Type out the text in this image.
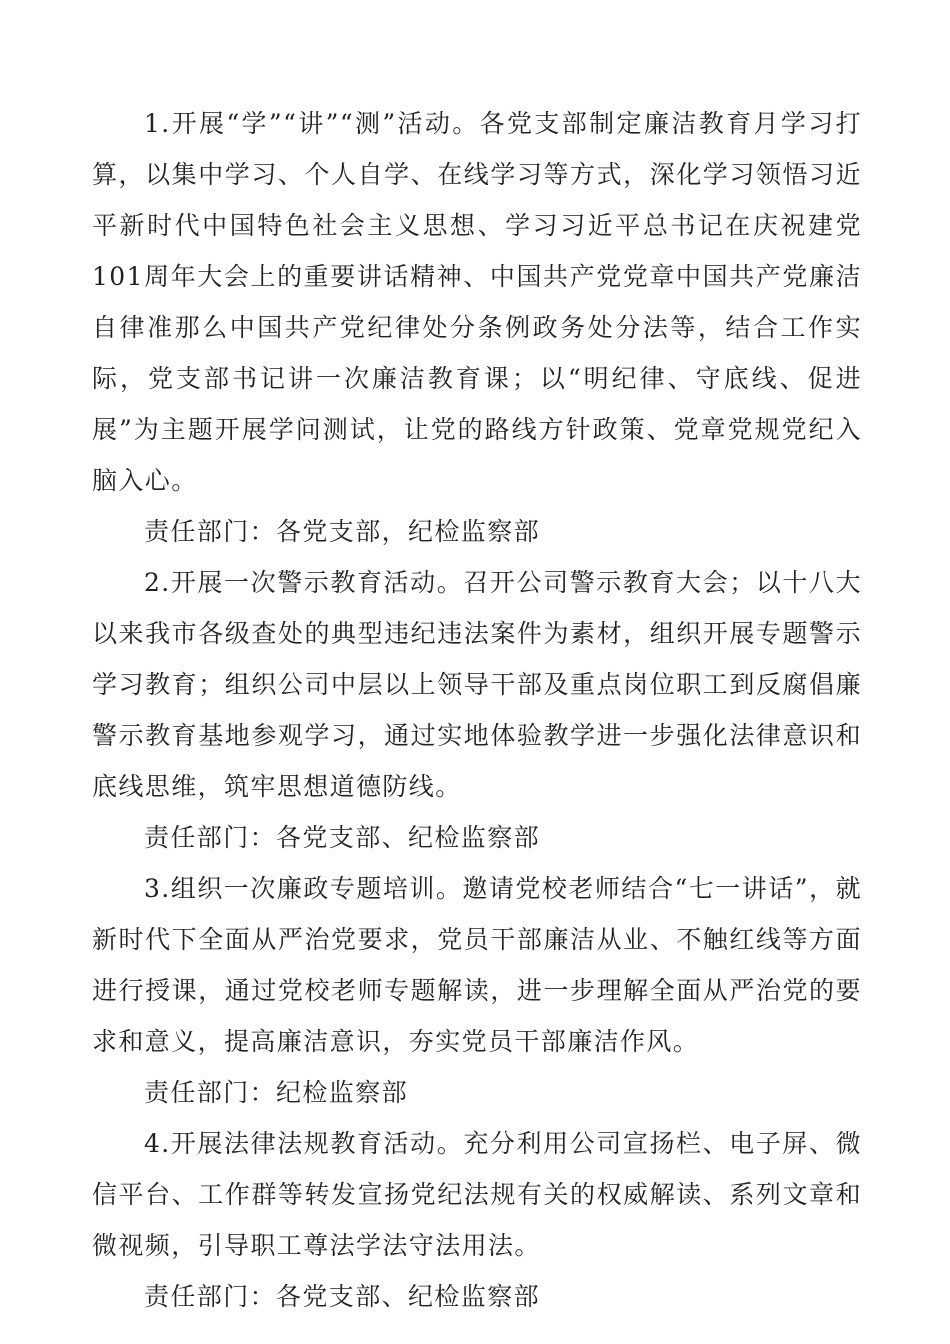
1.开展“学”“讲”“测”活动。各党支部制定廉洁教育月学习打算，以集中学习、个人自学、在线学习等方式，深化学习领悟习近平新时代中国特色社会主义思想、学习习近平总书记在庆祝建党101周年大会上的重要讲话精神、中国共产党党章中国共产党廉洁自律准那么中国共产党纪律处分条例政务处分法等，结合工作实际，党支部书记讲一次廉洁教育课；以“明纪律、守底线、促进展”为主题开展学问测试，让党的路线方针政策、党章党规党纪入脑入心。

责任部门：各党支部，纪检监察部

2.开展一次警示教育活动。召开公司警示教育大会；以十八大以来我市各级查处的典型违纪违法案件为素材，组织开展专题警示学习教育；组织公司中层以上领导干部及重点岗位职工到反腐倡廉警示教育基地参观学习，通过实地体验教学进一步强化法律意识和底线思维，筑牢思想道德防线。

责任部门：各党支部、纪检监察部

3.组织一次廉政专题培训。邀请党校老师结合“七一讲话”，就新时代下全面从严治党要求，党员干部廉洁从业、不触红线等方面进行授课，通过党校老师专题解读，进一步理解全面从严治党的要求和意义，提高廉洁意识，夯实党员干部廉洁作风。

责任部门：纪检监察部

4.开展法律法规教育活动。充分利用公司宣扬栏、电子屏、微信平台、工作群等转发宣扬党纪法规有关的权威解读、系列文章和微视频，引导职工尊法学法守法用法。

责任部门：各党支部、纪检监察部
